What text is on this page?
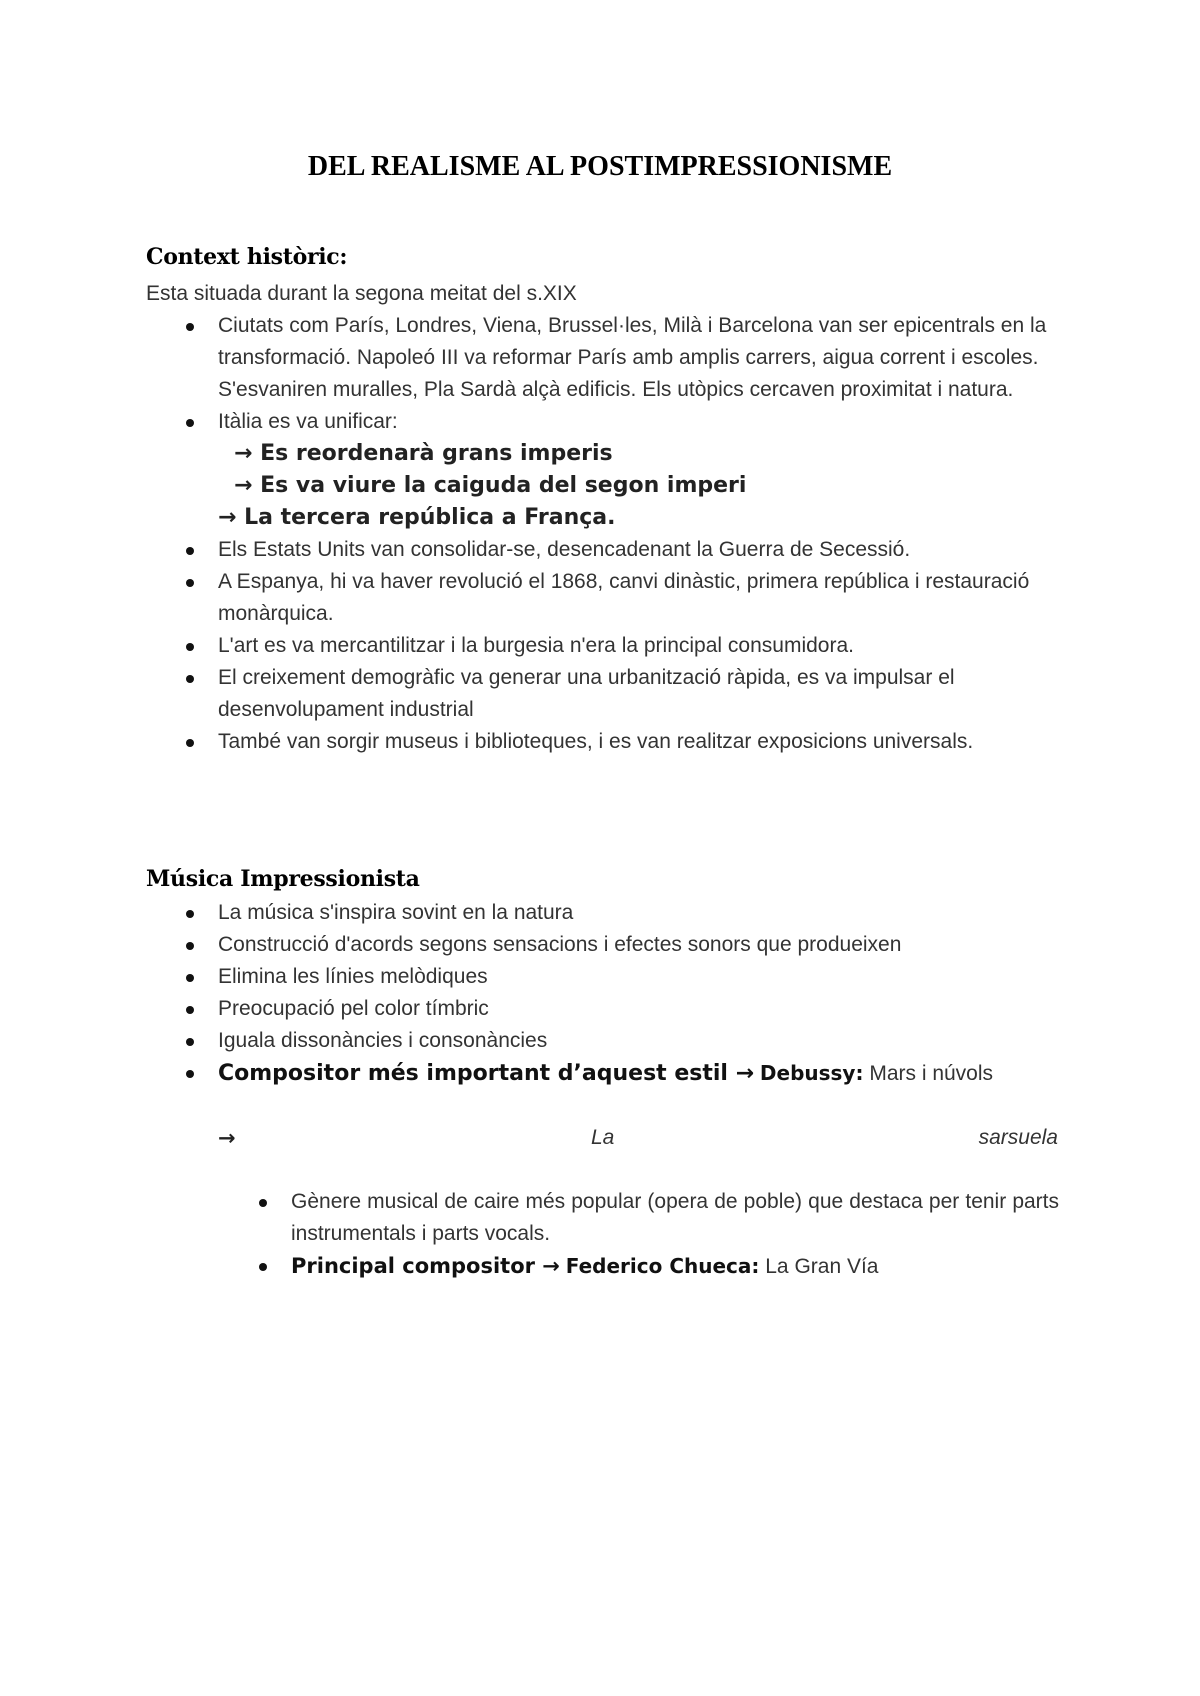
DEL REALISME AL POSTIMPRESSIONISME
Context històric:
Esta situada durant la segona meitat del s.XIX
Ciutats com París, Londres, Viena, Brussel·les, Milà i Barcelona van ser epicentrals en la transformació. Napoleó III va reformar París amb amplis carrers, aigua corrent i escoles. S'esvaniren muralles, Pla Sardà alçà edificis. Els utòpics cercaven proximitat i natura.
Itàlia es va unificar:
→ Es reordenarà grans imperis
→ Es va viure la caiguda del segon imperi
→ La tercera república a França.
Els Estats Units van consolidar-se, desencadenant la Guerra de Secessió.
A Espanya, hi va haver revolució el 1868, canvi dinàstic, primera república i restauració monàrquica.
L'art es va mercantilitzar i la burgesia n'era la principal consumidora.
El creixement demogràfic va generar una urbanització ràpida, es va impulsar el desenvolupament industrial
També van sorgir museus i biblioteques, i es van realitzar exposicions universals.
Música Impressionista
La música s'inspira sovint en la natura
Construcció d'acords segons sensacions i efectes sonors que produeixen
Elimina les línies melòdiques
Preocupació pel color tímbric
Iguala dissonàncies i consonàncies
Compositor més important d’aquest estil → Debussy: Mars i núvols
→	La	sarsuela
Gènere musical de caire més popular (opera de poble) que destaca per tenir parts instrumentals i parts vocals.
Principal compositor → Federico Chueca: La Gran Vía
